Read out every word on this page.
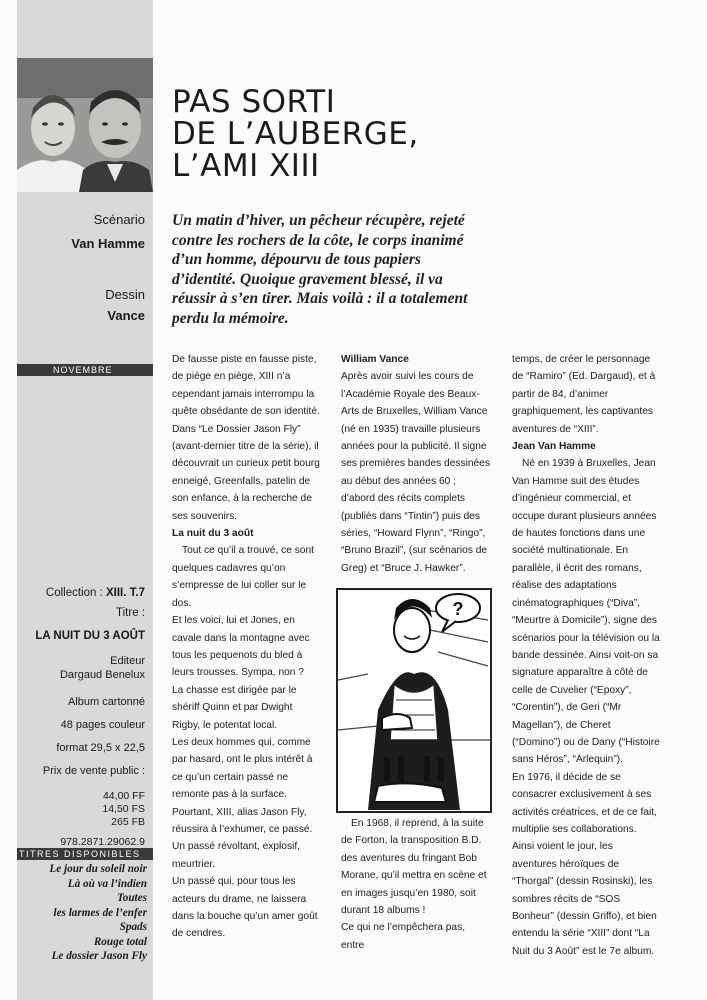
Scénario
Van Hamme
Dessin
Vance
NOVEMBRE
Collection : XIII. T.7
Titre :
LA NUIT DU 3 AOÛT
Editeur
Dargaud Benelux
Album cartonné
48 pages couleur
format 29,5 x 22,5
Prix de vente public :
44,00 FF
14,50 FS
265 FB
978.2871.29062.9
TITRES DISPONIBLES
Le jour du soleil noir
Là où va l’indien
Toutes
les larmes de l’enfer
Spads
Rouge total
Le dossier Jason Fly
PAS SORTI
DE L’AUBERGE,
L’AMI XIII

Un matin d’hiver, un pêcheur récupère, rejeté contre les rochers de la côte, le corps inanimé d’un homme, dépourvu de tous papiers d’identité. Quoique gravement blessé, il va réussir à s’en tirer. Mais voilà : il a totalement perdu la mémoire.

De fausse piste en fausse piste, de piège en piège, XIII n’a cependant jamais interrompu la quête obsédante de son identité.

Dans “Le Dossier Jason Fly” (avant-dernier titre de la série), il découvrait un curieux petit bourg enneigé, Greenfalls, patelin de son enfance, à la recherche de ses souvenirs.

La nuit du 3 août

Tout ce qu’il a trouvé, ce sont quelques cadavres qu’on s’empresse de lui coller sur le dos.

Et les voici, lui et Jones, en cavale dans la montagne avec tous les pequenots du bled à leurs trousses. Sympa, non ?

La chasse est dirigée par le shériff Quinn et par Dwight Rigby, le potentat local.

Les deux hommes qui, comme par hasard, ont le plus intérêt à ce qu’un certain passé ne remonte pas à la surface.

Pourtant, XIII, alias Jason Fly, réussira à l’exhumer, ce passé.

Un passé révoltant, explosif, meurtrier.

Un passé qui, pour tous les acteurs du drame, ne laissera dans la bouche qu’un amer goût de cendres.

William Vance

Après avoir suivi les cours de l’Académie Royale des Beaux-Arts de Bruxelles, William Vance (né en 1935) travaille plusieurs années pour la publicité. Il signe ses premières bandes dessinées au début des années 60 ; d’abord des récits complets (publiés dans “Tintin”) puis des séries, “Howard Flynn”, “Ringo”, “Bruno Brazil”, (sur scénarios de Greg) et “Bruce J. Hawker”.

?

En 1968, il reprend, à la suite de Forton, la transposition B.D. des aventures du fringant Bob Morane, qu’il mettra en scène et en images jusqu’en 1980, soit durant 18 albums !

Ce qui ne l’empêchera pas, entre

temps, de créer le personnage de “Ramiro” (Ed. Dargaud), et à partir de 84, d’animer graphiquement, les captivantes aventures de “XIII”.

Jean Van Hamme

Né en 1939 à Bruxelles, Jean Van Hamme suit des études d’ingénieur commercial, et occupe durant plusieurs années de hautes fonctions dans une société multinationale. En parallèle, il écrit des romans, réalise des adaptations cinématographiques (“Diva”, “Meurtre à Domicile”), signe des scénarios pour la télévision ou la bande dessinée. Ainsi voit-on sa signature apparaître à côté de celle de Cuvelier (“Epoxy”, “Corentin”), de Geri (“Mr Magellan”), de Cheret (“Domino”) ou de Dany (“Histoire sans Héros”, “Arlequin”).

En 1976, il décide de se consacrer exclusivement à ses activités créatrices, et de ce fait, multiplie ses collaborations. Ainsi voient le jour, les aventures héroïques de “Thorgal” (dessin Rosinski), les sombres récits de “SOS Bonheur” (dessin Griffo), et bien entendu la série “XIII” dont “La Nuit du 3 Août” est le 7e album.
